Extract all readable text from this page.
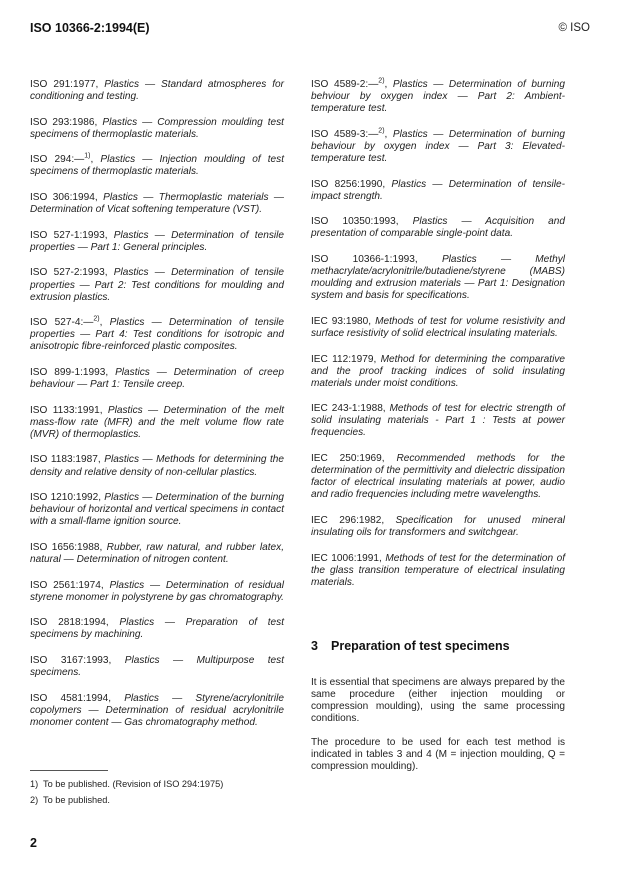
ISO 10366-2:1994(E)	© ISO

ISO 291:1977, Plastics — Standard atmospheres for conditioning and testing.

ISO 293:1986, Plastics — Compression moulding test specimens of thermoplastic materials.

ISO 294:—$^{1)}$, Plastics — Injection moulding of test specimens of thermoplastic materials.

ISO 306:1994, Plastics — Thermoplastic materials — Determination of Vicat softening temperature (VST).

ISO 527-1:1993, Plastics — Determination of tensile properties — Part 1: General principles.

ISO 527-2:1993, Plastics — Determination of tensile properties — Part 2: Test conditions for moulding and extrusion plastics.

ISO 527-4:—$^{2)}$, Plastics — Determination of tensile properties — Part 4: Test conditions for isotropic and anisotropic fibre-reinforced plastic composites.

ISO 899-1:1993, Plastics — Determination of creep behaviour — Part 1: Tensile creep.

ISO 1133:1991, Plastics — Determination of the melt mass-flow rate (MFR) and the melt volume flow rate (MVR) of thermoplastics.

ISO 1183:1987, Plastics — Methods for determining the density and relative density of non-cellular plastics.

ISO 1210:1992, Plastics — Determination of the burning behaviour of horizontal and vertical specimens in contact with a small-flame ignition source.

ISO 1656:1988, Rubber, raw natural, and rubber latex, natural — Determination of nitrogen content.

ISO 2561:1974, Plastics — Determination of residual styrene monomer in polystyrene by gas chromatography.

ISO 2818:1994, Plastics — Preparation of test specimens by machining.

ISO 3167:1993, Plastics — Multipurpose test specimens.

ISO 4581:1994, Plastics — Styrene/acrylonitrile copolymers — Determination of residual acrylonitrile monomer content — Gas chromatography method.

ISO 4589-2:—$^{2)}$, Plastics — Determination of burning behviour by oxygen index — Part 2: Ambient-temperature test.

ISO 4589-3:—$^{2)}$, Plastics — Determination of burning behaviour by oxygen index — Part 3: Elevated-temperature test.

ISO 8256:1990, Plastics — Determination of tensile-impact strength.

ISO 10350:1993, Plastics — Acquisition and presentation of comparable single-point data.

ISO 10366-1:1993, Plastics — Methyl methacrylate/acrylonitrile/butadiene/styrene (MABS) moulding and extrusion materials — Part 1: Designation system and basis for specifications.

IEC 93:1980, Methods of test for volume resistivity and surface resistivity of solid electrical insulating materials.

IEC 112:1979, Method for determining the comparative and the proof tracking indices of solid insulating materials under moist conditions.

IEC 243-1:1988, Methods of test for electric strength of solid insulating materials - Part 1 : Tests at power frequencies.

IEC 250:1969, Recommended methods for the determination of the permittivity and dielectric dissipation factor of electrical insulating materials at power, audio and radio frequencies including metre wavelengths.

IEC 296:1982, Specification for unused mineral insulating oils for transformers and switchgear.

IEC 1006:1991, Methods of test for the determination of the glass transition temperature of electrical insulating materials.

3 Preparation of test specimens

It is essential that specimens are always prepared by the same procedure (either injection moulding or compression moulding), using the same processing conditions.

The procedure to be used for each test method is indicated in tables 3 and 4 (M = injection moulding, Q = compression moulding).

1) To be published. (Revision of ISO 294:1975)
2) To be published.
2
